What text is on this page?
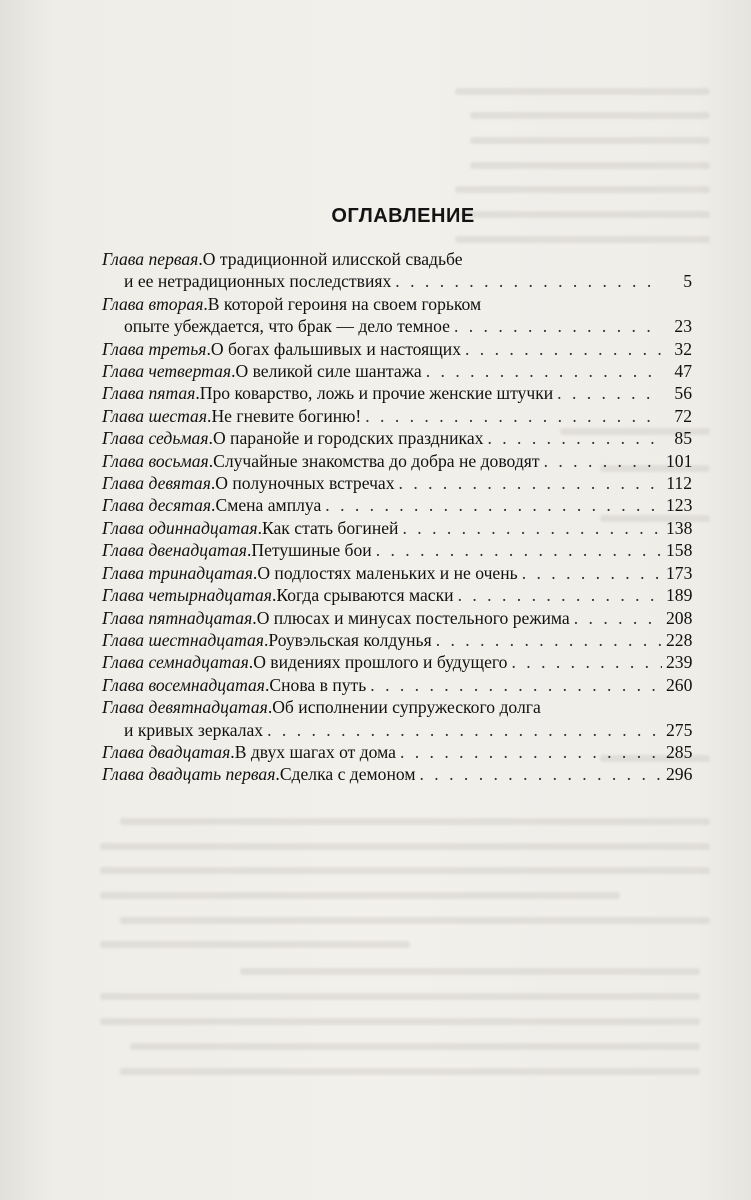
ОГЛАВЛЕНИЕ
Глава первая . О традиционной илисской свадьбе
и ее нетрадиционных последствиях . . .	5
Глава вторая . В которой героиня на своем горьком
опыте убеждается, что брак — дело темное . . .	23
Глава третья . О богах фальшивых и настоящих . . .	32
Глава четвертая . О великой силе шантажа . . .	47
Глава пятая . Про коварство, ложь и прочие женские штучки . . .	56
Глава шестая . Не гневите богиню! . . .	72
Глава седьмая . О паранойе и городских праздниках . . .	85
Глава восьмая . Случайные знакомства до добра не доводят . . .	101
Глава девятая . О полуночных встречах . . .	112
Глава десятая . Смена амплуа . . .	123
Глава одиннадцатая . Как стать богиней . . .	138
Глава двенадцатая . Петушиные бои . . .	158
Глава тринадцатая . О подлостях маленьких и не очень . . .	173
Глава четырнадцатая . Когда срываются маски . . .	189
Глава пятнадцатая . О плюсах и минусах постельного режима . . .	208
Глава шестнадцатая . Роувэльская колдунья . . .	228
Глава семнадцатая . О видениях прошлого и будущего . . .	239
Глава восемнадцатая . Снова в путь . . .	260
Глава девятнадцатая . Об исполнении супружеского долга
и кривых зеркалах . . .	275
Глава двадцатая . В двух шагах от дома . . .	285
Глава двадцать первая . Сделка с демоном . . .	296
